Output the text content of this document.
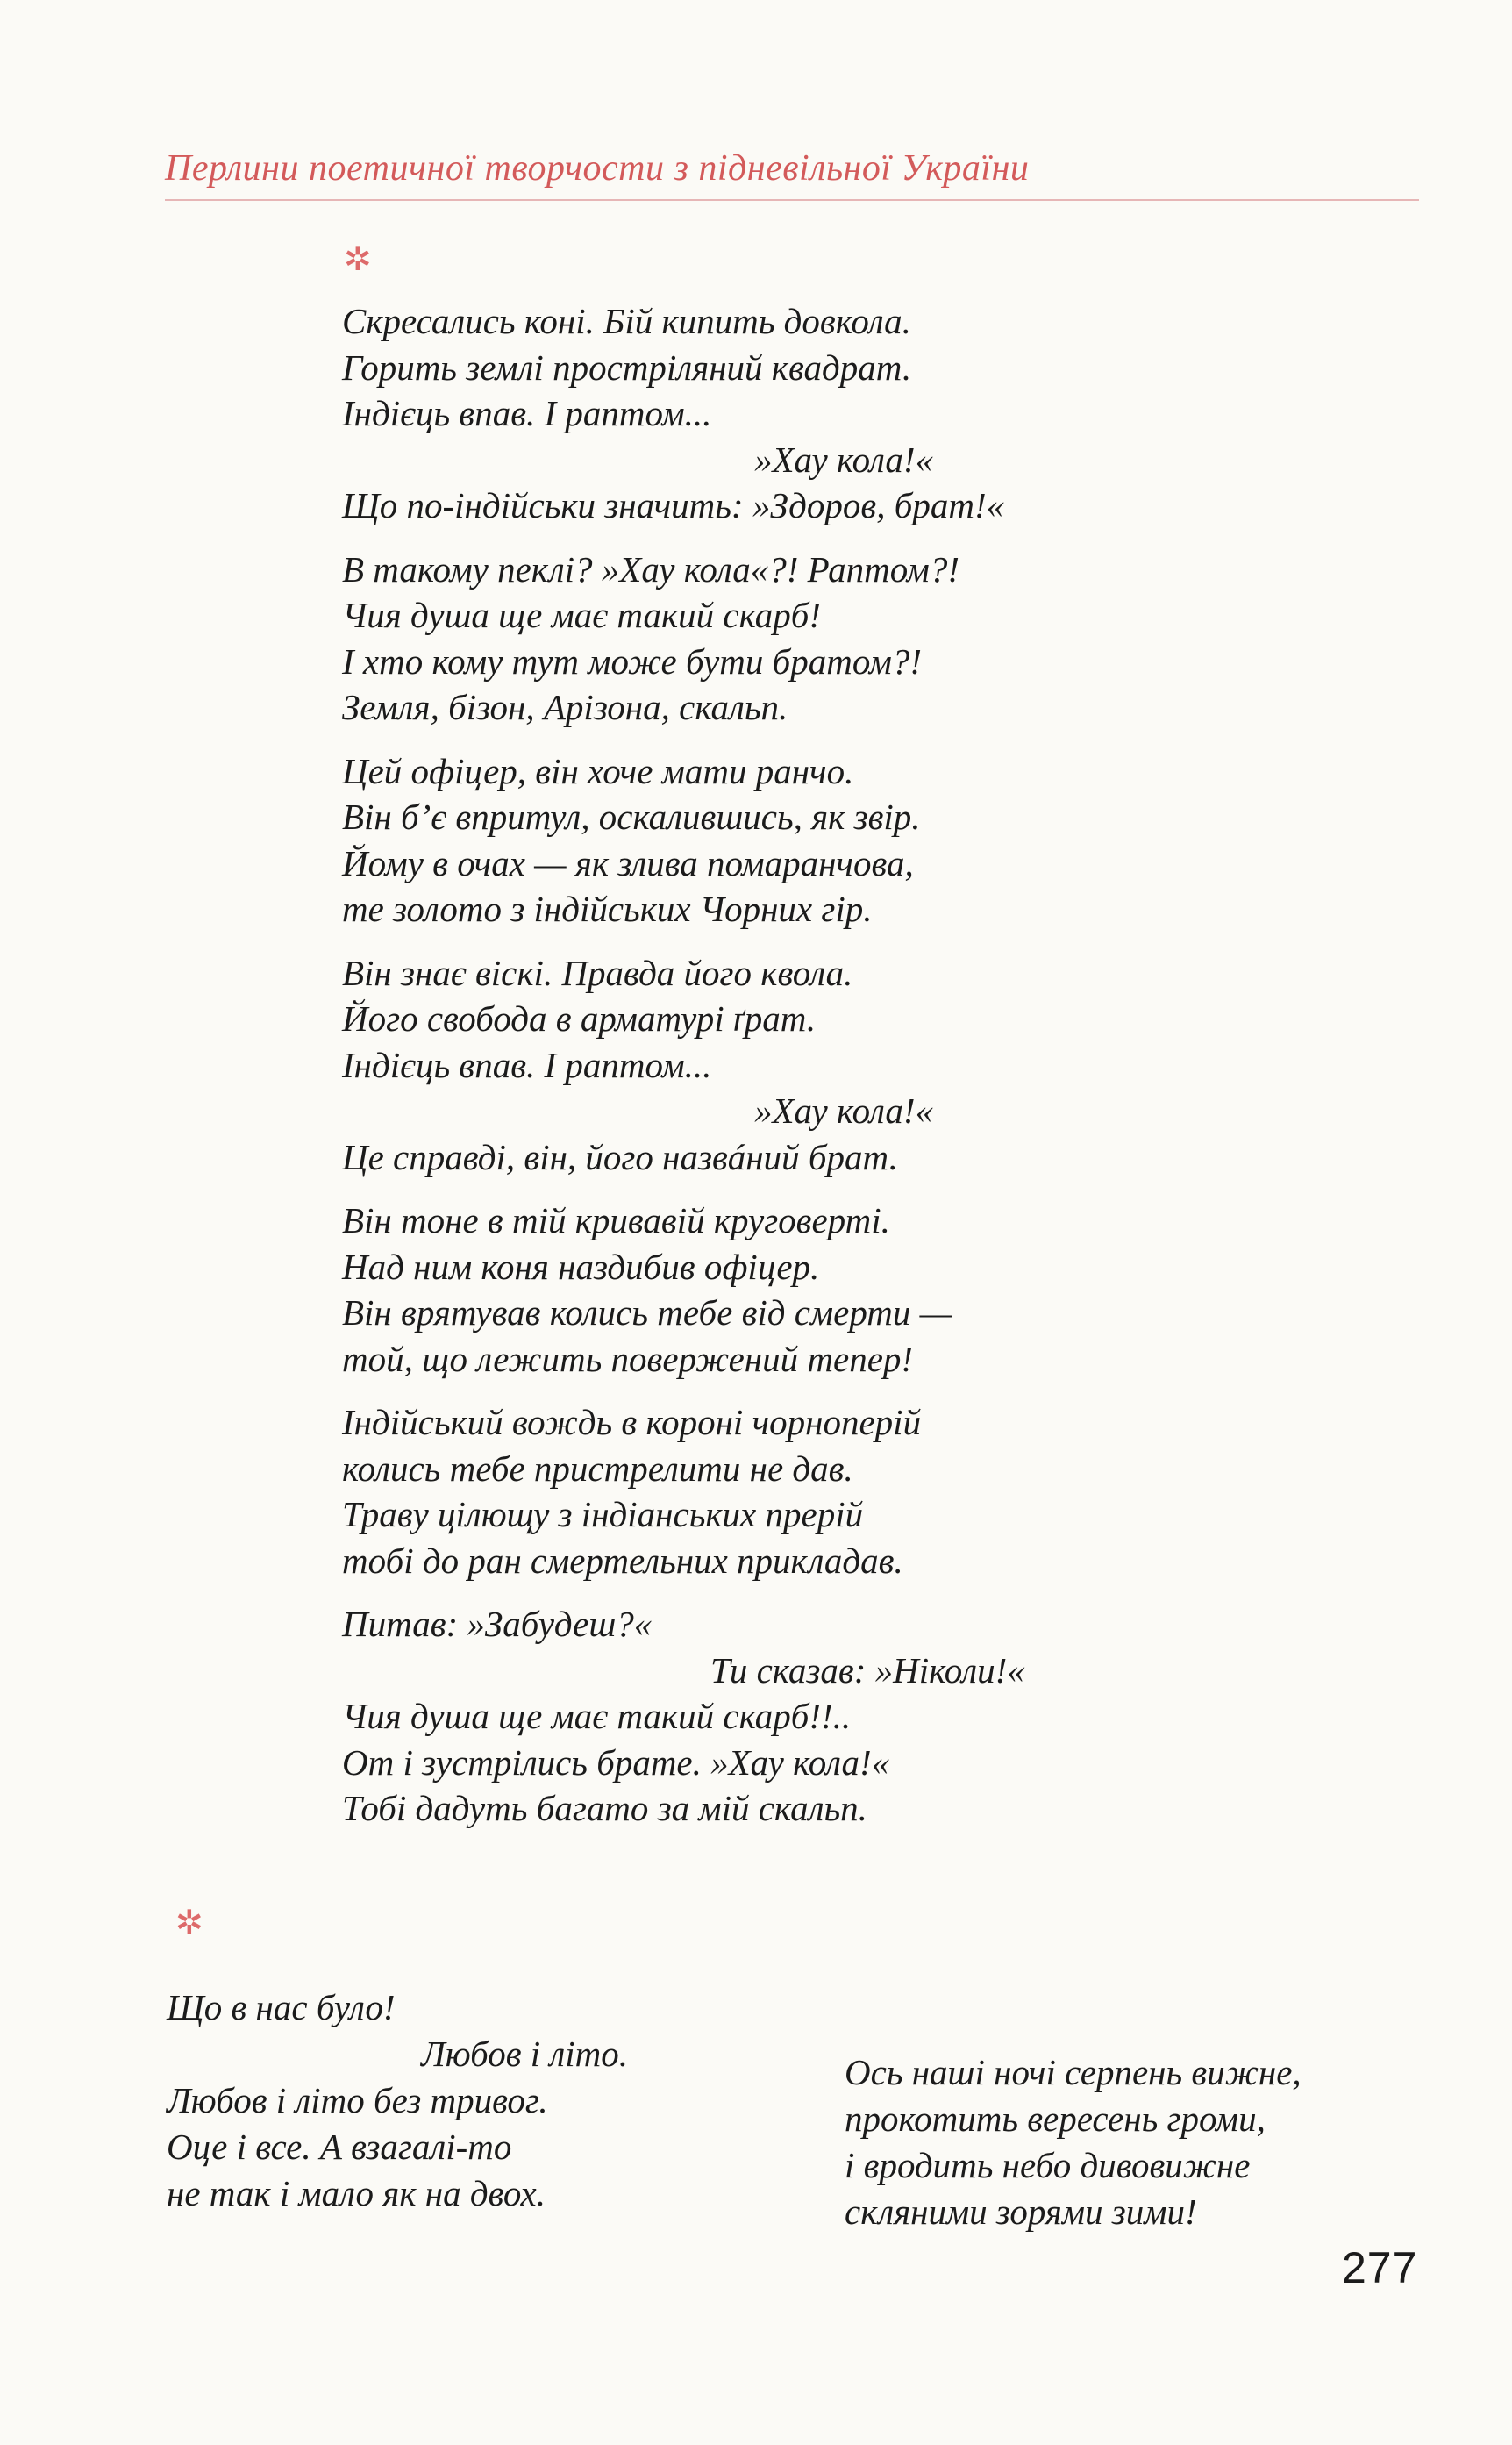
Перлини поетичної творчости з підневільної України
✲
Скресались коні. Бій кипить довкола.
Горить землі простріляний квадрат.
Індієць впав. І раптом...
»Хау кола!«
Що по-індійськи значить: »Здоров, брат!«
В такому пеклі? »Хау кола«?! Раптом?!
Чия душа ще має такий скарб!
І хто кому тут може бути братом?!
Земля, бізон, Арізона, скальп.
Цей офіцер, він хоче мати ранчо.
Він б’є впритул, оскалившись, як звір.
Йому в очах — як злива помаранчова,
те золото з індійських Чорних гір.
Він знає віскі. Правда його квола.
Його свобода в арматурі ґрат.
Індієць впав. І раптом...
»Хау кола!«
Це справді, він, його назвáний брат.
Він тоне в тій кривавій круговерті.
Над ним коня наздибив офіцер.
Він врятував колись тебе від смерти —
той, що лежить повержений тепер!
Індійський вождь в короні чорнопepiй
колись тебе пристрелити не дав.
Траву цілющу з індіанських прерій
тобі до ран смертельних прикладав.
Питав: »Забудеш?«
Ти сказав: »Ніколи!«
Чия душа ще має такий скарб!!..
От і зустрілись брате. »Хау кола!«
Тобі дадуть багато за мій скальп.
✲
Що в нас було!
Любов і літо.
Любов і літо без тривог.
Оце і все. А взагалі-то
не так і мало як на двох.
Ось наші ночі серпень вижне,
прокотить вересень громи,
і вродить небо дивовижне
скляними зорями зими!
277
